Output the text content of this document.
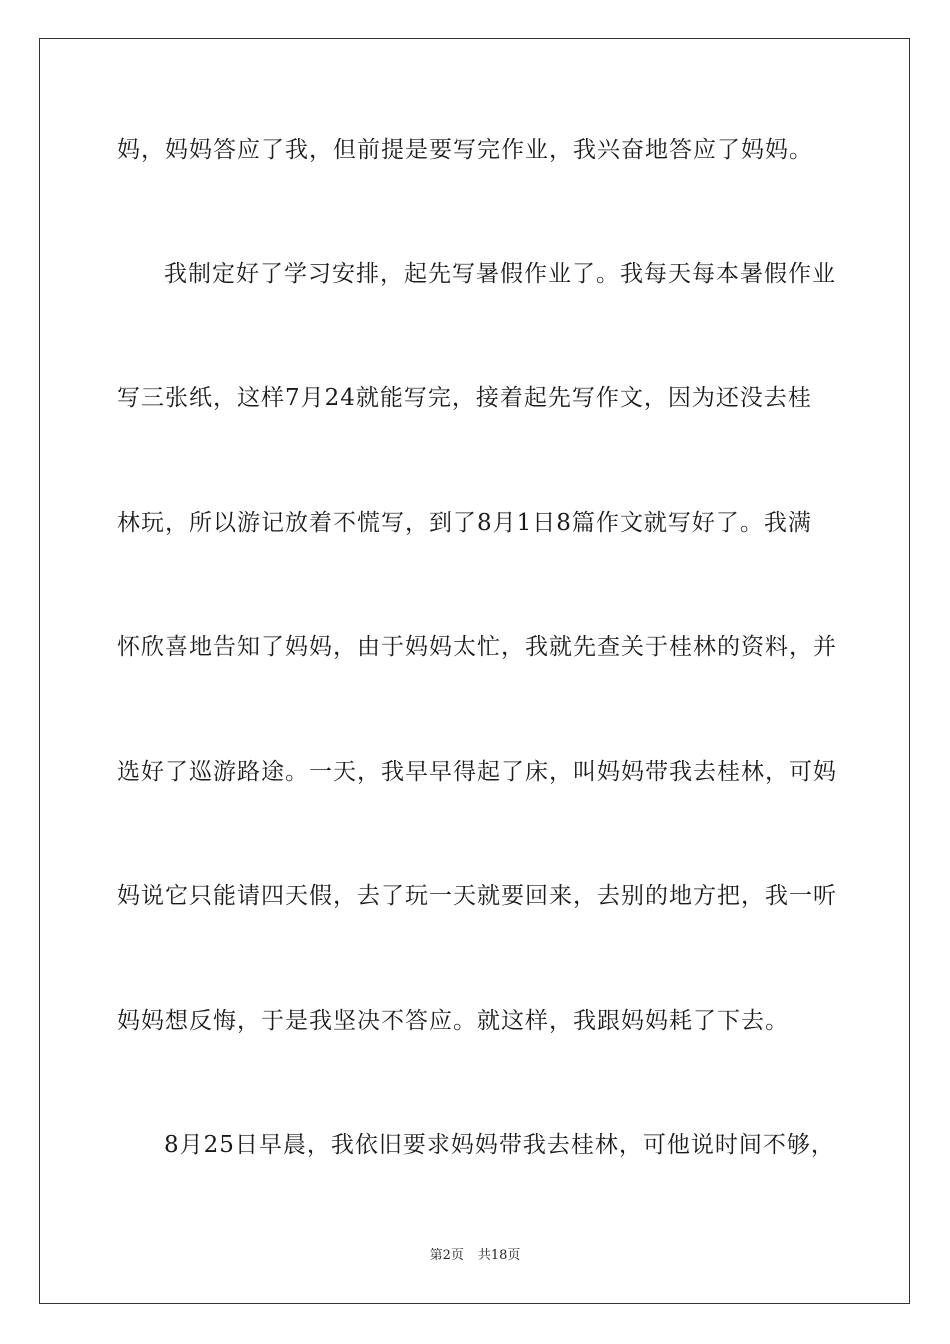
妈，妈妈答应了我，但前提是要写完作业，我兴奋地答应了妈妈。
我制定好了学习安排，起先写暑假作业了。我每天每本暑假作业
写三张纸，这样7月24就能写完，接着起先写作文，因为还没去桂
林玩，所以游记放着不慌写，到了8月1日8篇作文就写好了。我满
怀欣喜地告知了妈妈，由于妈妈太忙，我就先查关于桂林的资料，并
选好了巡游路途。一天，我早早得起了床，叫妈妈带我去桂林，可妈
妈说它只能请四天假，去了玩一天就要回来，去别的地方把，我一听
妈妈想反悔，于是我坚决不答应。就这样，我跟妈妈耗了下去。
8月25日早晨，我依旧要求妈妈带我去桂林，可他说时间不够，
第2页 共18页
